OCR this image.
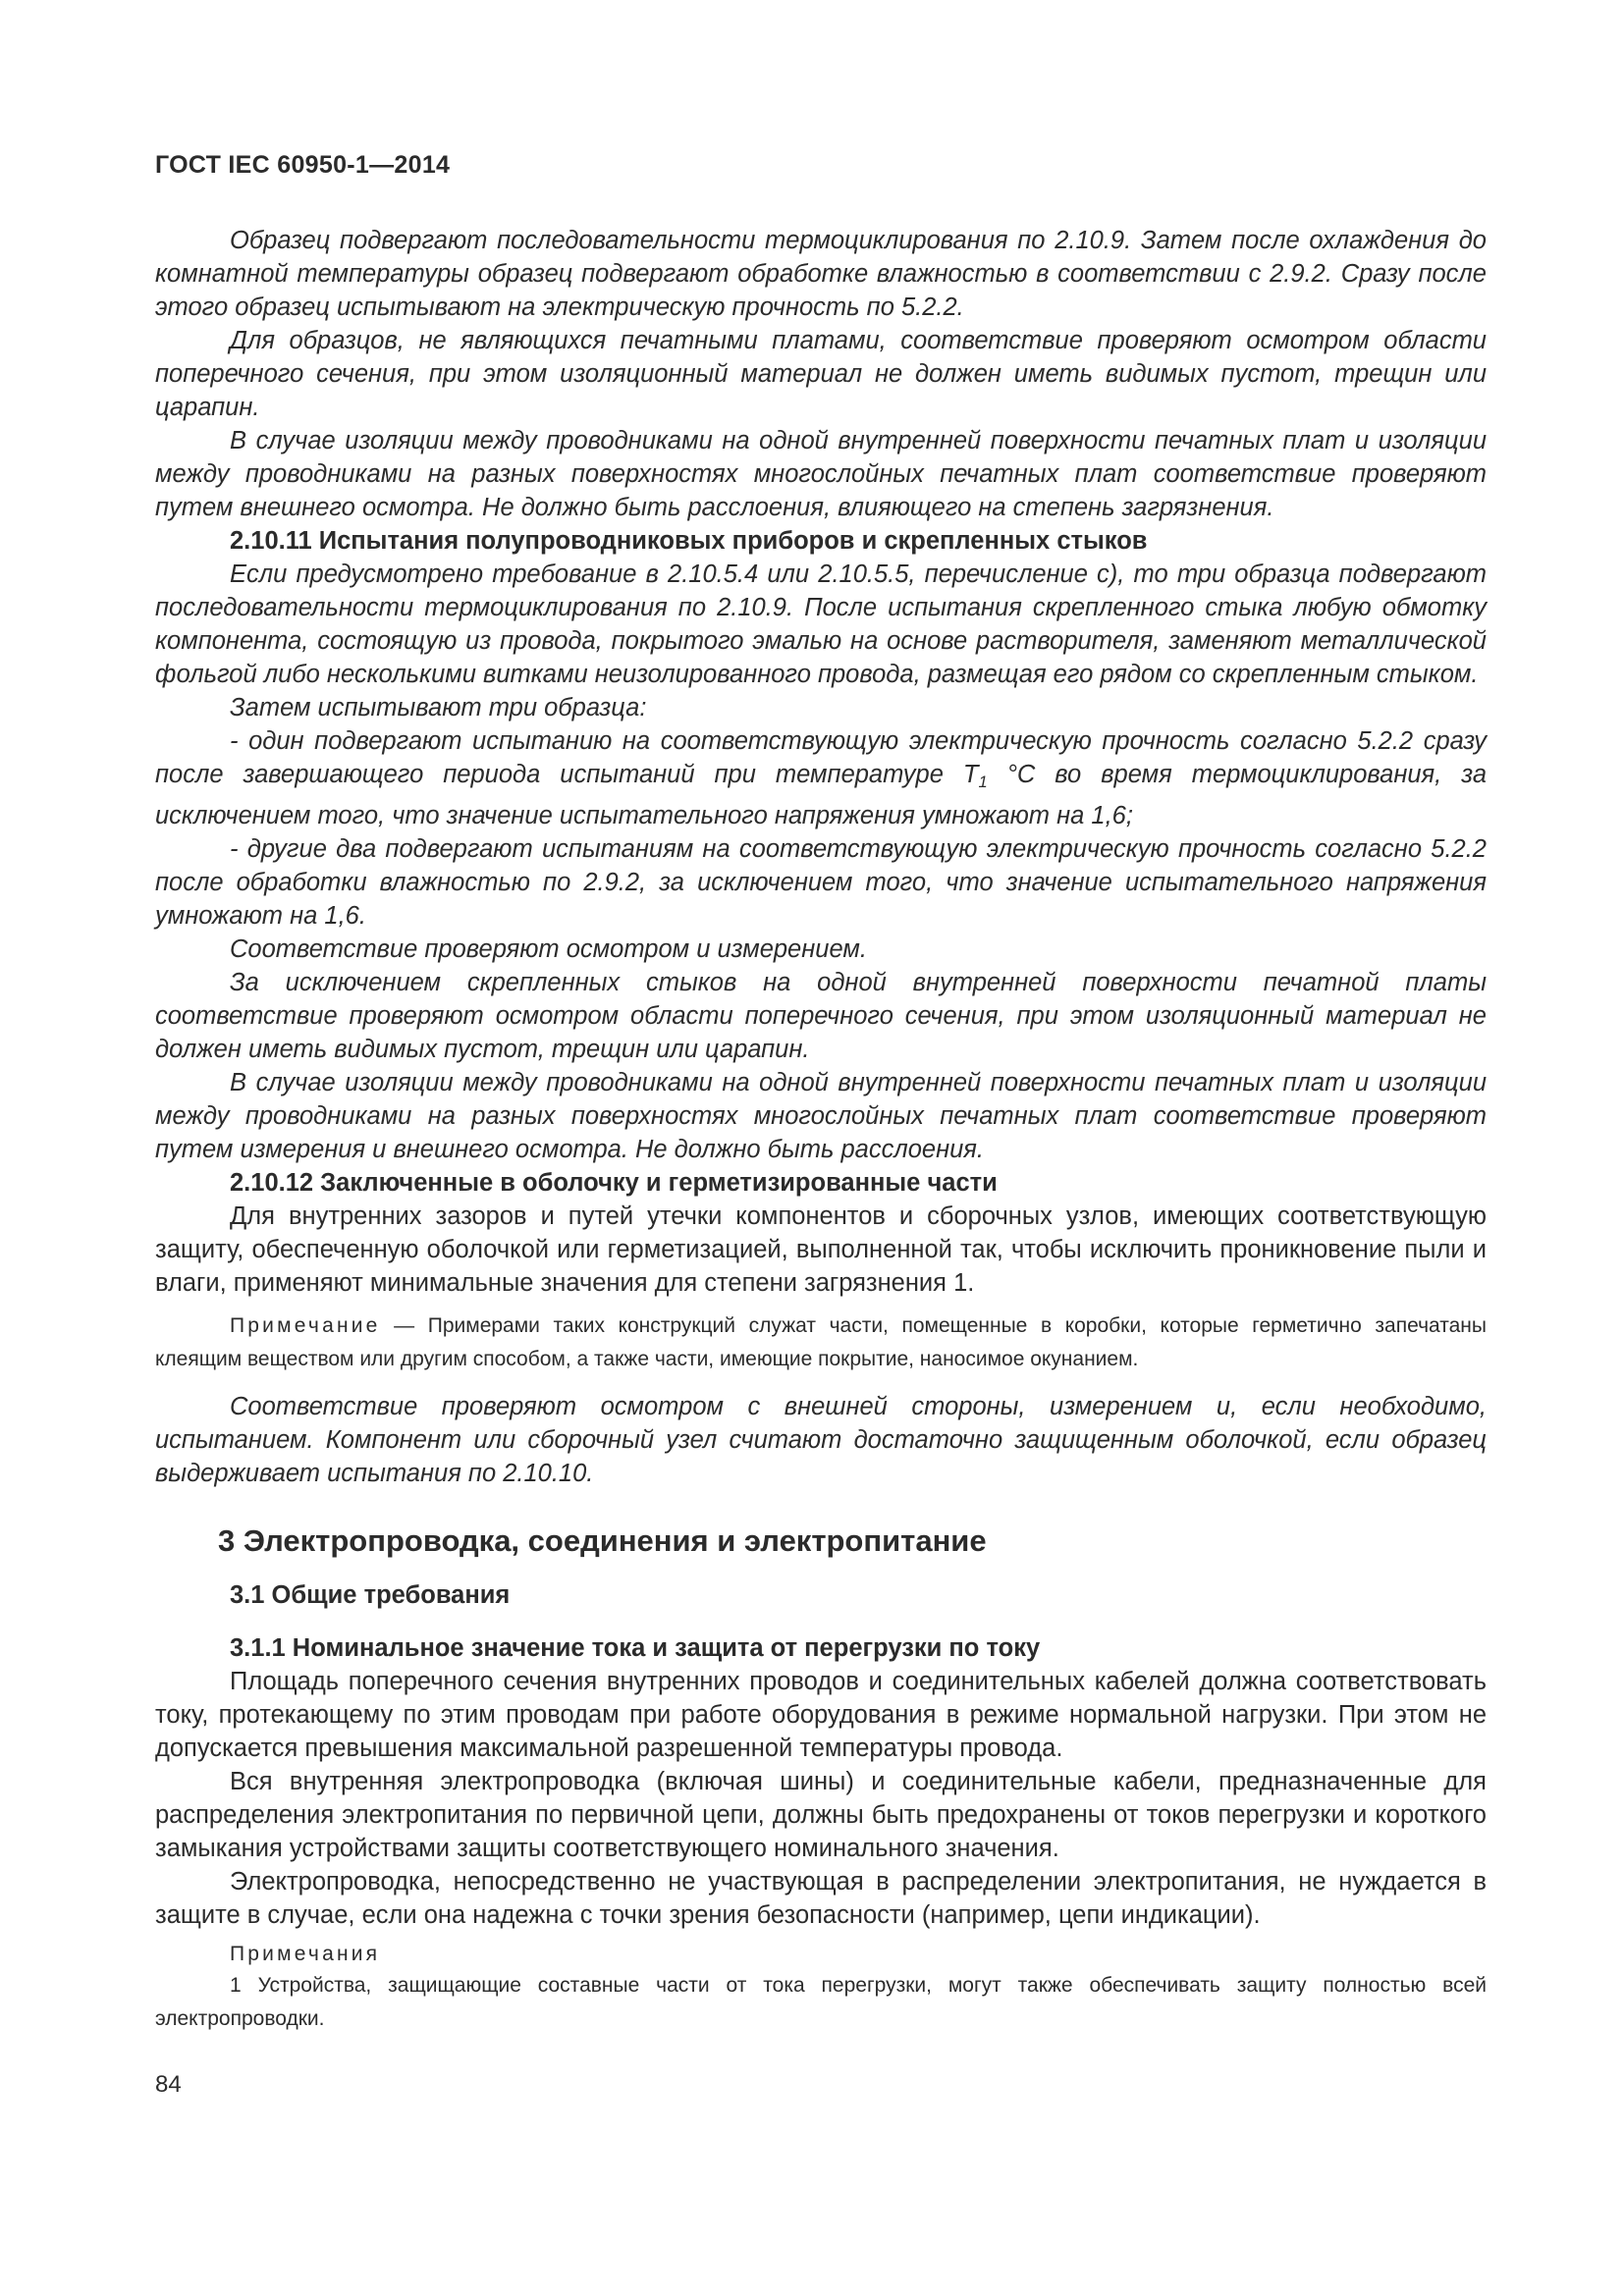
ГОСТ IEC 60950-1—2014

Образец подвергают последовательности термоциклирования по 2.10.9. Затем после охлаждения до комнатной температуры образец подвергают обработке влажностью в соответствии с 2.9.2. Сразу после этого образец испытывают на электрическую прочность по 5.2.2.

Для образцов, не являющихся печатными платами, соответствие проверяют осмотром области поперечного сечения, при этом изоляционный материал не должен иметь видимых пустот, трещин или царапин.

В случае изоляции между проводниками на одной внутренней поверхности печатных плат и изоляции между проводниками на разных поверхностях многослойных печатных плат соответствие проверяют путем внешнего осмотра. Не должно быть расслоения, влияющего на степень загрязнения.

2.10.11 Испытания полупроводниковых приборов и скрепленных стыков

Если предусмотрено требование в 2.10.5.4 или 2.10.5.5, перечисление с), то три образца подвергают последовательности термоциклирования по 2.10.9. После испытания скрепленного стыка любую обмотку компонента, состоящую из провода, покрытого эмалью на основе растворителя, заменяют металлической фольгой либо несколькими витками неизолированного провода, размещая его рядом со скрепленным стыком.

Затем испытывают три образца:

- один подвергают испытанию на соответствующую электрическую прочность согласно 5.2.2 сразу после завершающего периода испытаний при температуре $T_1$ °С во время термоциклирования, за исключением того, что значение испытательного напряжения умножают на 1,6;

- другие два подвергают испытаниям на соответствующую электрическую прочность согласно 5.2.2 после обработки влажностью по 2.9.2, за исключением того, что значение испытательного напряжения умножают на 1,6.

Соответствие проверяют осмотром и измерением.

За исключением скрепленных стыков на одной внутренней поверхности печатной платы соответствие проверяют осмотром области поперечного сечения, при этом изоляционный материал не должен иметь видимых пустот, трещин или царапин.

В случае изоляции между проводниками на одной внутренней поверхности печатных плат и изоляции между проводниками на разных поверхностях многослойных печатных плат соответствие проверяют путем измерения и внешнего осмотра. Не должно быть расслоения.

2.10.12 Заключенные в оболочку и герметизированные части

Для внутренних зазоров и путей утечки компонентов и сборочных узлов, имеющих соответствующую защиту, обеспеченную оболочкой или герметизацией, выполненной так, чтобы исключить проникновение пыли и влаги, применяют минимальные значения для степени загрязнения 1.

Примечание — Примерами таких конструкций служат части, помещенные в коробки, которые герметично запечатаны клеящим веществом или другим способом, а также части, имеющие покрытие, наносимое окунанием.

Соответствие проверяют осмотром с внешней стороны, измерением и, если необходимо, испытанием. Компонент или сборочный узел считают достаточно защищенным оболочкой, если образец выдерживает испытания по 2.10.10.

3 Электропроводка, соединения и электропитание

3.1 Общие требования

3.1.1 Номинальное значение тока и защита от перегрузки по току

Площадь поперечного сечения внутренних проводов и соединительных кабелей должна соответствовать току, протекающему по этим проводам при работе оборудования в режиме нормальной нагрузки. При этом не допускается превышения максимальной разрешенной температуры провода.

Вся внутренняя электропроводка (включая шины) и соединительные кабели, предназначенные для распределения электропитания по первичной цепи, должны быть предохранены от токов перегрузки и короткого замыкания устройствами защиты соответствующего номинального значения.

Электропроводка, непосредственно не участвующая в распределении электропитания, не нуждается в защите в случае, если она надежна с точки зрения безопасности (например, цепи индикации).

Примечания

1 Устройства, защищающие составные части от тока перегрузки, могут также обеспечивать защиту полностью всей электропроводки.

84
